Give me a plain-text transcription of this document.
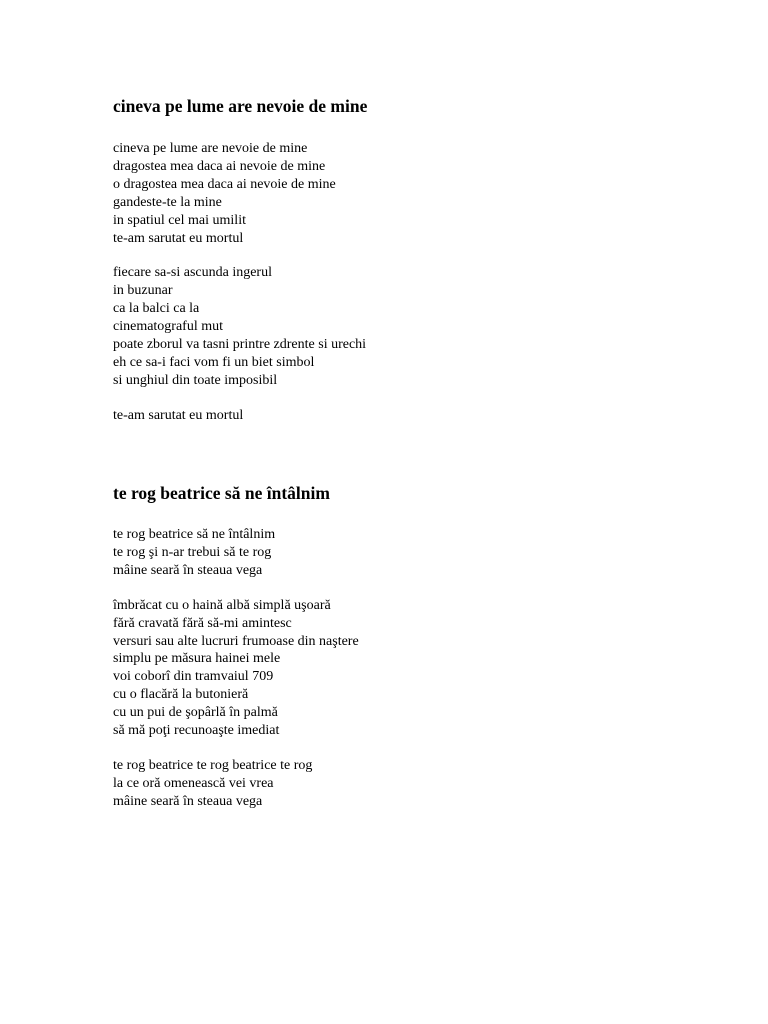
cineva pe lume are nevoie de mine

cineva pe lume are nevoie de mine
dragostea mea daca ai nevoie de mine
o dragostea mea daca ai nevoie de mine
gandeste-te la mine
in spatiul cel mai umilit
te-am sarutat eu mortul

fiecare sa-si ascunda ingerul
in buzunar
ca la balci ca la
cinematograful mut
poate zborul va tasni printre zdrente si urechi
eh ce sa-i faci vom fi un biet simbol
si unghiul din toate imposibil

te-am sarutat eu mortul

te rog beatrice să ne întâlnim

te rog beatrice să ne întâlnim
te rog şi n-ar trebui să te rog
mâine seară în steaua vega

îmbrăcat cu o haină albă simplă uşoară
fără cravată fără să-mi amintesc
versuri sau alte lucruri frumoase din naştere
simplu pe măsura hainei mele
voi coborî din tramvaiul 709
cu o flacără la butonieră
cu un pui de şopârlă în palmă
să mă poţi recunoaşte imediat

te rog beatrice te rog beatrice te rog
la ce oră omenească vei vrea
mâine seară în steaua vega
